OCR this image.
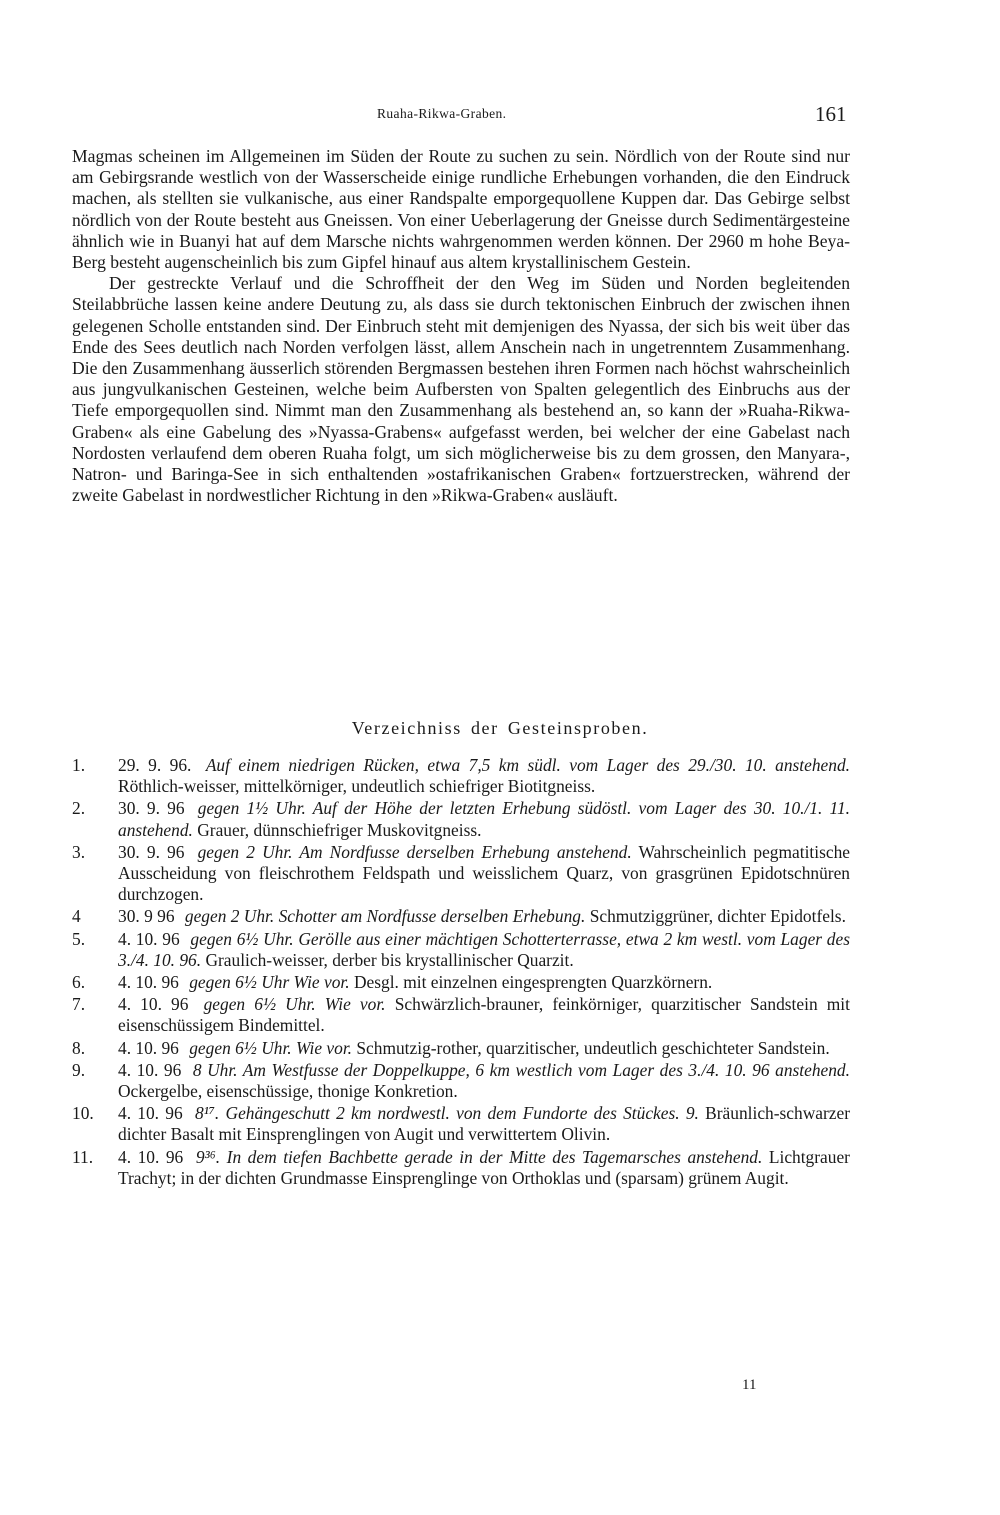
Ruaha-Rikwa-Graben.	161

Magmas scheinen im Allgemeinen im Süden der Route zu suchen zu sein. Nördlich von der Route sind nur am Gebirgsrande westlich von der Wasserscheide einige rundliche Erhebungen vorhanden, die den Eindruck machen, als stellten sie vulkanische, aus einer Randspalte emporgequollene Kuppen dar. Das Gebirge selbst nördlich von der Route besteht aus Gneissen. Von einer Ueberlagerung der Gneisse durch Sedimentärgesteine ähnlich wie in Buanyi hat auf dem Marsche nichts wahrgenommen werden können. Der 2960 m hohe Beya-Berg besteht augenscheinlich bis zum Gipfel hinauf aus altem krystallinischem Gestein.

Der gestreckte Verlauf und die Schroffheit der den Weg im Süden und Norden begleitenden Steilabbrüche lassen keine andere Deutung zu, als dass sie durch tektonischen Einbruch der zwischen ihnen gelegenen Scholle entstanden sind. Der Einbruch steht mit demjenigen des Nyassa, der sich bis weit über das Ende des Sees deutlich nach Norden verfolgen lässt, allem Anschein nach in ungetrenntem Zusammenhang. Die den Zusammenhang äusserlich störenden Bergmassen bestehen ihren Formen nach höchst wahrscheinlich aus jungvulkanischen Gesteinen, welche beim Aufbersten von Spalten gelegentlich des Einbruchs aus der Tiefe emporgequollen sind. Nimmt man den Zusammenhang als bestehend an, so kann der »Ruaha-Rikwa-Graben« als eine Gabelung des »Nyassa-Grabens« aufgefasst werden, bei welcher der eine Gabelast nach Nordosten verlaufend dem oberen Ruaha folgt, um sich möglicherweise bis zu dem grossen, den Manyara-, Natron- und Baringa-See in sich enthaltenden »ostafrikanischen Graben« fortzuerstrecken, während der zweite Gabelast in nordwestlicher Richtung in den »Rikwa-Graben« ausläuft.

Verzeichniss der Gesteinsproben.
1.	29. 9. 96. Auf einem niedrigen Rücken, etwa 7,5 km südl. vom Lager des 29./30. 10. anstehend. Röthlich-weisser, mittelkörniger, undeutlich schiefriger Biotitgneiss.
2.	30. 9. 96 gegen 1½ Uhr. Auf der Höhe der letzten Erhebung südöstl. vom Lager des 30. 10./1. 11. anstehend. Grauer, dünnschiefriger Muskovitgneiss.
3.	30. 9. 96 gegen 2 Uhr. Am Nordfusse derselben Erhebung anstehend. Wahrscheinlich pegmatitische Ausscheidung von fleischrothem Feldspath und weisslichem Quarz, von grasgrünen Epidotschnüren durchzogen.
4	30. 9 96 gegen 2 Uhr. Schotter am Nordfusse derselben Erhebung. Schmutziggrüner, dichter Epidotfels.
5.	4. 10. 96 gegen 6½ Uhr. Gerölle aus einer mächtigen Schotterterrasse, etwa 2 km westl. vom Lager des 3./4. 10. 96. Graulich-weisser, derber bis krystallinischer Quarzit.
6.	4. 10. 96 gegen 6½ Uhr Wie vor. Desgl. mit einzelnen eingesprengten Quarzkörnern.
7.	4. 10. 96 gegen 6½ Uhr. Wie vor. Schwärzlich-brauner, feinkörniger, quarzitischer Sandstein mit eisenschüssigem Bindemittel.
8.	4. 10. 96 gegen 6½ Uhr. Wie vor. Schmutzig-rother, quarzitischer, undeutlich geschichteter Sandstein.
9.	4. 10. 96 8 Uhr. Am Westfusse der Doppelkuppe, 6 km westlich vom Lager des 3./4. 10. 96 anstehend. Ockergelbe, eisenschüssige, thonige Konkretion.
10.	4. 10. 96 8¹⁷. Gehängeschutt 2 km nordwestl. von dem Fundorte des Stückes. 9. Bräunlich-schwarzer dichter Basalt mit Einsprenglingen von Augit und verwittertem Olivin.
11.	4. 10. 96 9³⁶. In dem tiefen Bachbette gerade in der Mitte des Tagemarsches anstehend. Lichtgrauer Trachyt; in der dichten Grundmasse Einsprenglinge von Orthoklas und (sparsam) grünem Augit.
11
